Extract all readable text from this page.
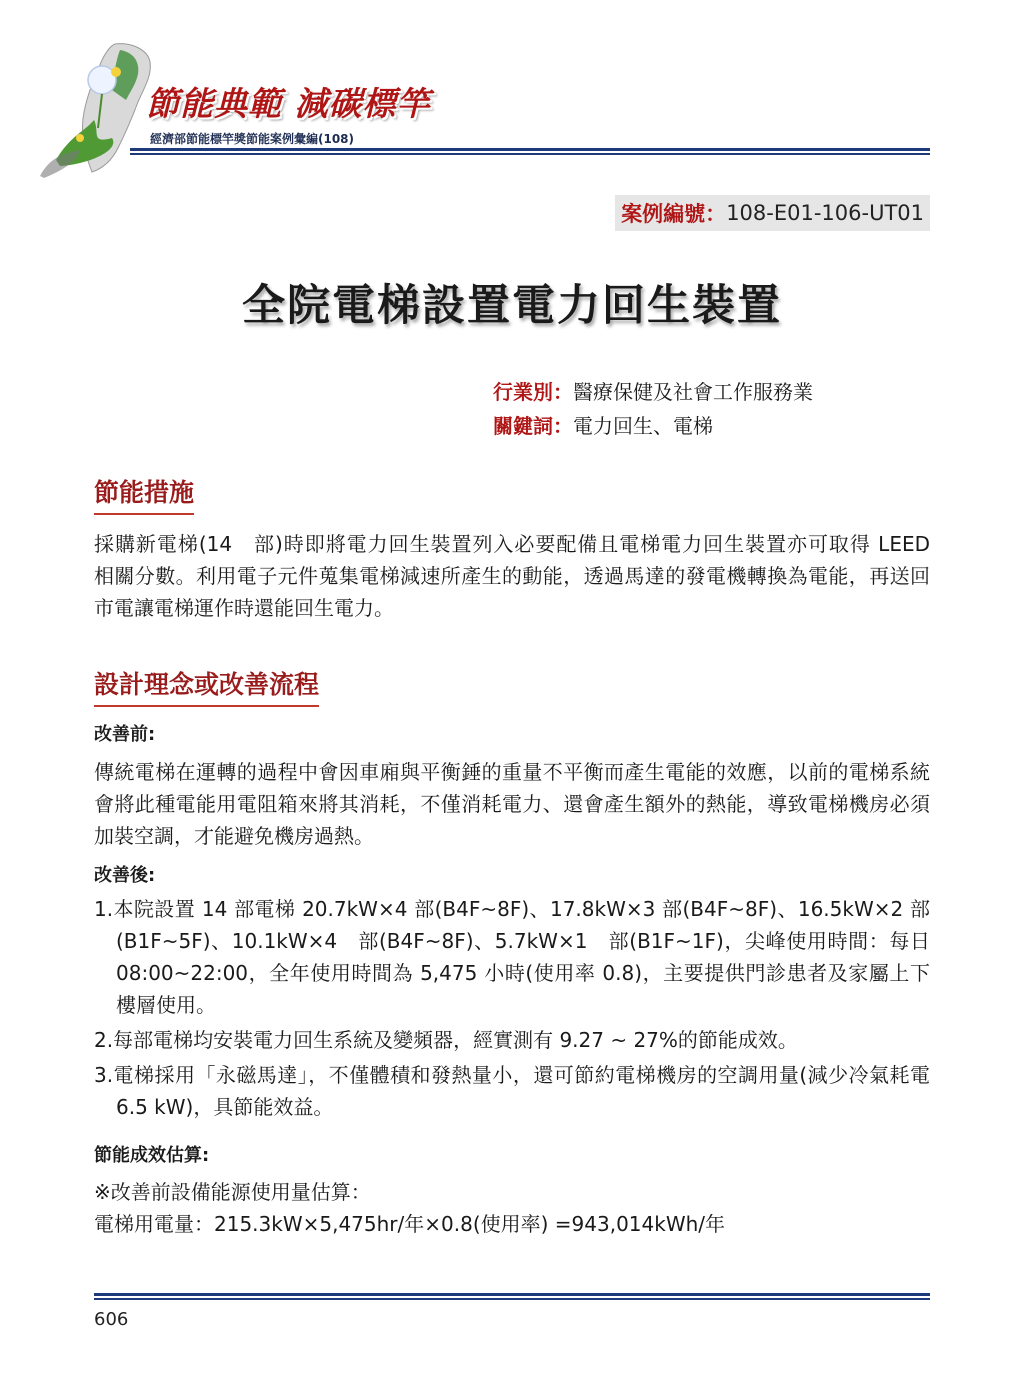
節能典範 減碳標竿
經濟部節能標竿獎節能案例彙編(108)
案例編號： 108-E01-106-UT01
全院電梯設置電力回生裝置
行業別：醫療保健及社會工作服務業
關鍵詞：電力回生、電梯
節能措施
採購新電梯(14　部)時即將電力回生裝置列入必要配備且電梯電力回生裝置亦可取得 LEED　相關分數。利用電子元件蒐集電梯減速所產生的動能，透過馬達的發電機轉換為電能，再送回市電讓電梯運作時還能回生電力。
設計理念或改善流程
改善前:
傳統電梯在運轉的過程中會因車廂與平衡錘的重量不平衡而產生電能的效應，以前的電梯系統會將此種電能用電阻箱來將其消耗，不僅消耗電力、還會產生額外的熱能，導致電梯機房必須加裝空調，才能避免機房過熱。
改善後:
1.本院設置 14 部電梯 20.7kW×4 部(B4F~8F)、17.8kW×3 部(B4F~8F)、16.5kW×2 部(B1F~5F)、10.1kW×4　部(B4F~8F)、5.7kW×1　部(B1F~1F)，尖峰使用時間：每日 08:00~22:00，全年使用時間為 5,475 小時(使用率 0.8)，主要提供門診患者及家屬上下樓層使用。
2.每部電梯均安裝電力回生系統及變頻器，經實測有 9.27 ~ 27%的節能成效。
3.電梯採用「永磁馬達」，不僅體積和發熱量小，還可節約電梯機房的空調用量(減少冷氣耗電 6.5 kW)，具節能效益。
節能成效估算:
※改善前設備能源使用量估算：
電梯用電量：215.3kW×5,475hr/年×0.8(使用率) =943,014kWh/年
606
